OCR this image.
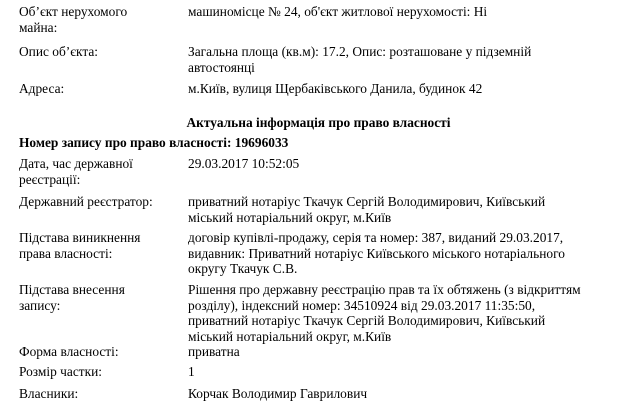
Об’єкт нерухомого
майна:
машиномісце № 24, об'єкт житлової нерухомості: Ні
Опис об’єкта:	Загальна площа (кв.м): 17.2, Опис: розташоване у підземній
автостоянці
Адреса:	м.Київ, вулиця Щербаківського Данила, будинок 42
Актуальна інформація про право власності
Номер запису про право власності: 19696033
Дата, час державної
реєстрації:
29.03.2017 10:52:05
Державний реєстратор:	приватний нотаріус Ткачук Сергій Володимирович, Київський
міський нотаріальний округ, м.Київ
Підстава виникнення
права власності:
договір купівлі-продажу, серія та номер: 387, виданий 29.03.2017,
видавник: Приватний нотаріус Київського міського нотаріального
округу Ткачук С.В.
Підстава внесення
запису:
Рішення про державну реєстрацію прав та їх обтяжень (з відкриттям
розділу), індексний номер: 34510924 від 29.03.2017 11:35:50,
приватний нотаріус Ткачук Сергій Володимирович, Київський
міський нотаріальний округ, м.Київ
Форма власності:	приватна
Розмір частки:	1
Власники:	Корчак Володимир Гаврилович
